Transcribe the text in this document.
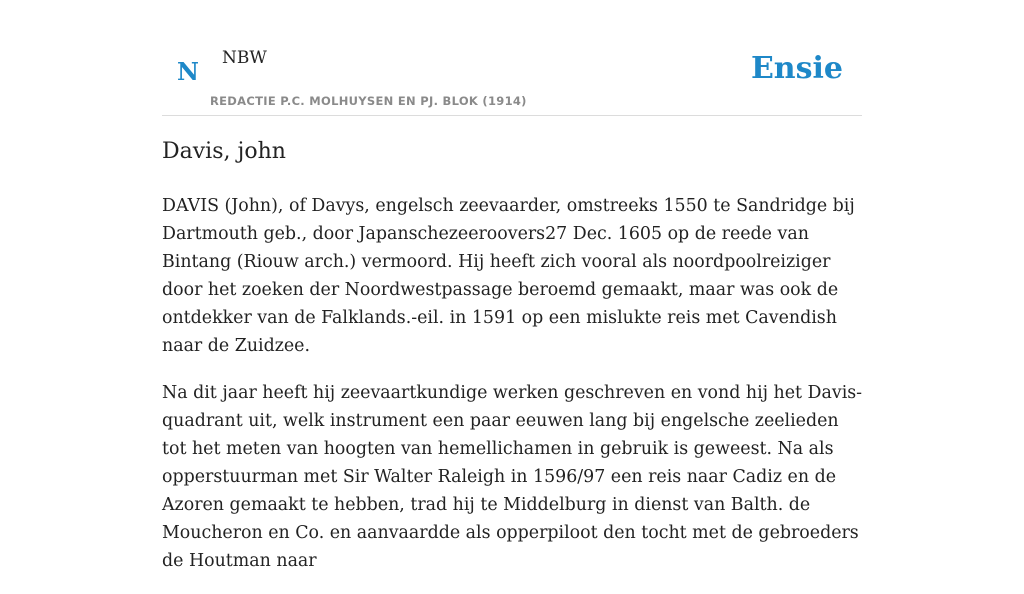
N NBW
REDACTIE P.C. MOLHUYSEN EN PJ. BLOK (1914)
Ensie
Davis, john

DAVIS (John), of Davys, engelsch zeevaarder, omstreeks 1550 te Sandridge bij Dartmouth geb., door Japanschezeeroovers27 Dec. 1605 op de reede van Bintang (Riouw arch.) vermoord. Hij heeft zich vooral als noordpoolreiziger door het zoeken der Noordwestpassage beroemd gemaakt, maar was ook de ontdekker van de Falklands.-eil. in 1591 op een mislukte reis met Cavendish naar de Zuidzee.

Na dit jaar heeft hij zeevaartkundige werken geschreven en vond hij het Davis-quadrant uit, welk instrument een paar eeuwen lang bij engelsche zeelieden tot het meten van hoogten van hemellichamen in gebruik is geweest. Na als opperstuurman met Sir Walter Raleigh in 1596/97 een reis naar Cadiz en de Azoren gemaakt te hebben, trad hij te Middelburg in dienst van Balth. de Moucheron en Co. en aanvaardde als opperpiloot den tocht met de gebroeders de Houtman naar
